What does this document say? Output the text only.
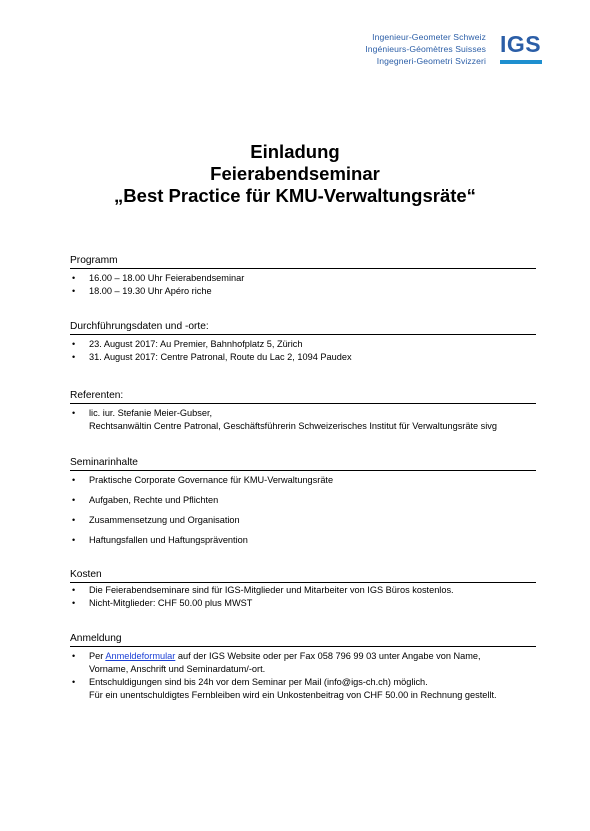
Ingenieur-Geometer Schweiz
Ingénieurs-Géomètres Suisses
Ingegneri-Geometri Svizzeri
IGS
Einladung
Feierabendseminar
„Best Practice für KMU-Verwaltungsräte“
Programm
• 16.00 – 18.00 Uhr Feierabendseminar
• 18.00 – 19.30 Uhr Apéro riche
Durchführungsdaten und -orte:
• 23. August 2017: Au Premier, Bahnhofplatz 5, Zürich
• 31. August 2017: Centre Patronal, Route du Lac 2, 1094 Paudex
Referenten:
• lic. iur. Stefanie Meier-Gubser,
Rechtsanwältin Centre Patronal, Geschäftsführerin Schweizerisches Institut für Verwaltungsräte sivg
Seminarinhalte
• Praktische Corporate Governance für KMU-Verwaltungsräte
• Aufgaben, Rechte und Pflichten
• Zusammensetzung und Organisation
• Haftungsfallen und Haftungsprävention
Kosten
• Die Feierabendseminare sind für IGS-Mitglieder und Mitarbeiter von IGS Büros kostenlos.
• Nicht-Mitglieder: CHF 50.00 plus MWST
Anmeldung
• Per Anmeldeformular auf der IGS Website oder per Fax 058 796 99 03 unter Angabe von Name,
Vorname, Anschrift und Seminardatum/-ort.
• Entschuldigungen sind bis 24h vor dem Seminar per Mail (info@igs-ch.ch) möglich.
Für ein unentschuldigtes Fernbleiben wird ein Unkostenbeitrag von CHF 50.00 in Rechnung gestellt.
